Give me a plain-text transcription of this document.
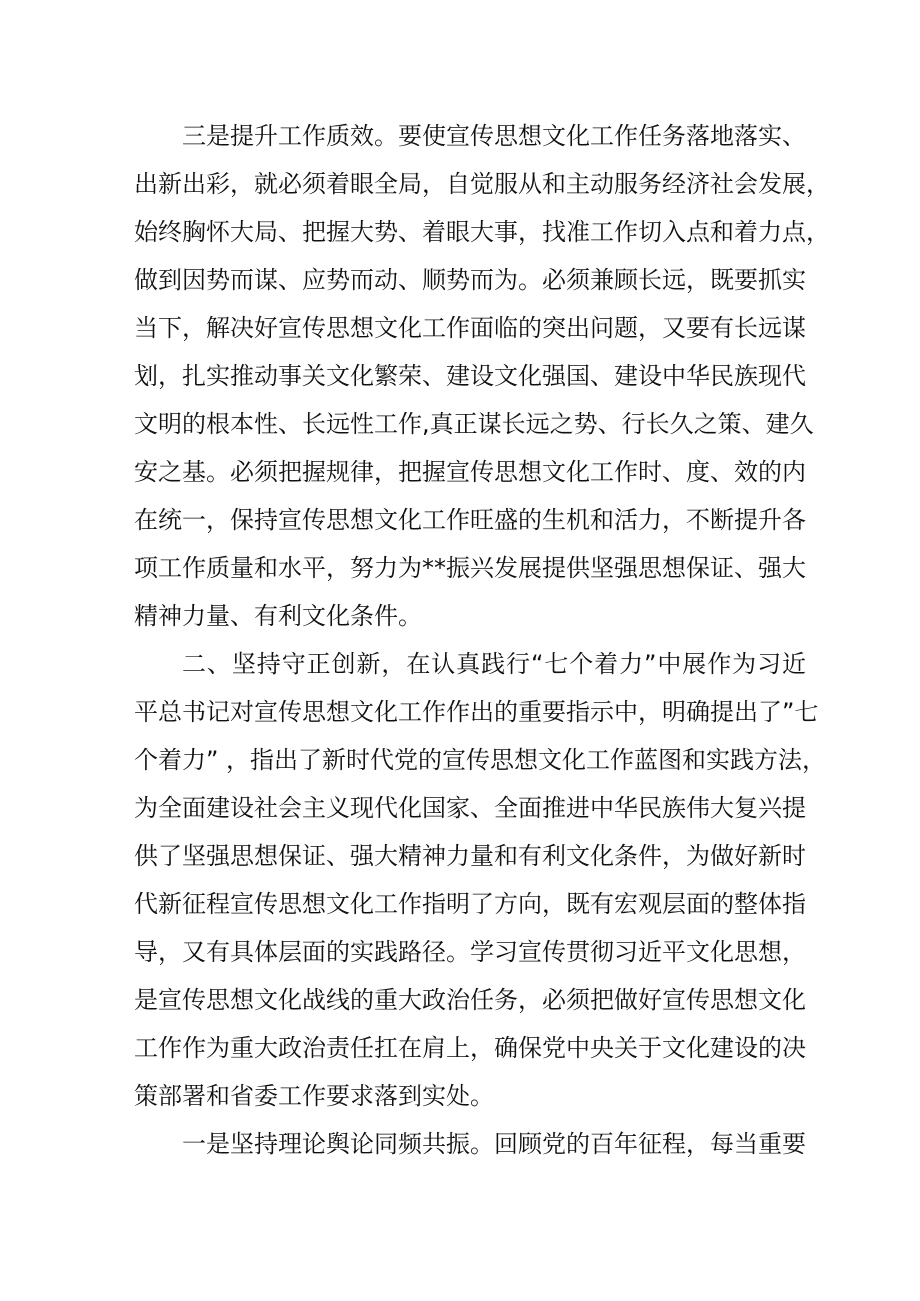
三是提升工作质效。要使宣传思想文化工作任务落地落实、
出新出彩，就必须着眼全局，自觉服从和主动服务经济社会发展，
始终胸怀大局、把握大势、着眼大事，找准工作切入点和着力点，
做到因势而谋、应势而动、顺势而为。必须兼顾长远，既要抓实
当下，解决好宣传思想文化工作面临的突出问题，又要有长远谋
划，扎实推动事关文化繁荣、建设文化强国、建设中华民族现代
文明的根本性、长远性工作,真正谋长远之势、行长久之策、建久
安之基。必须把握规律，把握宣传思想文化工作时、度、效的内
在统一，保持宣传思想文化工作旺盛的生机和活力，不断提升各
项工作质量和水平，努力为**振兴发展提供坚强思想保证、强大
精神力量、有利文化条件。
二、坚持守正创新，在认真践行“七个着力”中展作为习近
平总书记对宣传思想文化工作作出的重要指示中，明确提出了”七
个着力” ，指出了新时代党的宣传思想文化工作蓝图和实践方法，
为全面建设社会主义现代化国家、全面推进中华民族伟大复兴提
供了坚强思想保证、强大精神力量和有利文化条件，为做好新时
代新征程宣传思想文化工作指明了方向，既有宏观层面的整体指
导，又有具体层面的实践路径。学习宣传贯彻习近平文化思想，
是宣传思想文化战线的重大政治任务，必须把做好宣传思想文化
工作作为重大政治责任扛在肩上，确保党中央关于文化建设的决
策部署和省委工作要求落到实处。
一是坚持理论舆论同频共振。回顾党的百年征程，每当重要
